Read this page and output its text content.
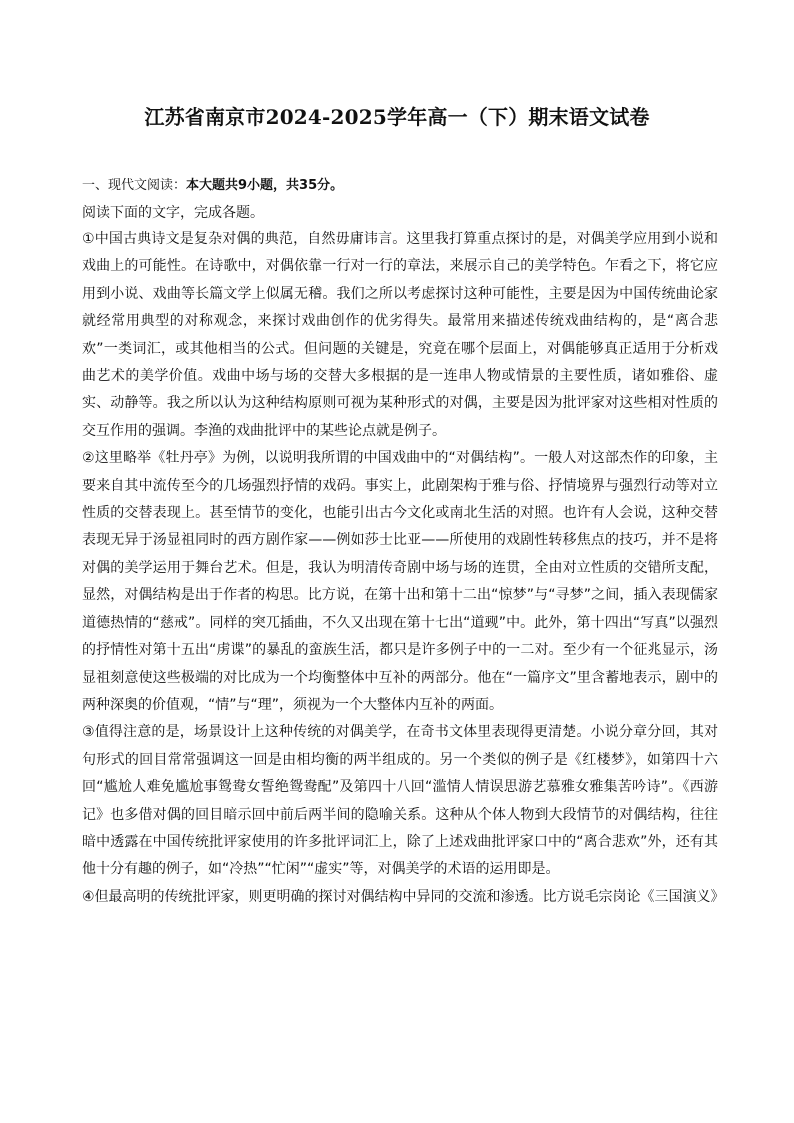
江苏省南京市2024-2025学年高一（下）期末语文试卷

一、现代文阅读：本大题共9小题，共35分。

阅读下面的文字，完成各题。

①中国古典诗文是复杂对偶的典范，自然毋庸讳言。这里我打算重点探讨的是，对偶美学应用到小说和戏曲上的可能性。在诗歌中，对偶依靠一行对一行的章法，来展示自己的美学特色。乍看之下，将它应用到小说、戏曲等长篇文学上似属无稽。我们之所以考虑探讨这种可能性，主要是因为中国传统曲论家就经常用典型的对称观念，来探讨戏曲创作的优劣得失。最常用来描述传统戏曲结构的，是“离合悲欢”一类词汇，或其他相当的公式。但问题的关键是，究竟在哪个层面上，对偶能够真正适用于分析戏曲艺术的美学价值。戏曲中场与场的交替大多根据的是一连串人物或情景的主要性质，诸如雅俗、虚实、动静等。我之所以认为这种结构原则可视为某种形式的对偶，主要是因为批评家对这些相对性质的交互作用的强调。李渔的戏曲批评中的某些论点就是例子。

②这里略举《牡丹亭》为例，以说明我所谓的中国戏曲中的“对偶结构”。一般人对这部杰作的印象，主要来自其中流传至今的几场强烈抒情的戏码。事实上，此剧架构于雅与俗、抒情境界与强烈行动等对立性质的交替表现上。甚至情节的变化，也能引出古今文化或南北生活的对照。也许有人会说，这种交替表现无异于汤显祖同时的西方剧作家——例如莎士比亚——所使用的戏剧性转移焦点的技巧，并不是将对偶的美学运用于舞台艺术。但是，我认为明清传奇剧中场与场的连贯，全由对立性质的交错所支配，显然，对偶结构是出于作者的构思。比方说，在第十出和第十二出“惊梦”与“寻梦”之间，插入表现儒家道德热情的“慈戒”。同样的突兀插曲，不久又出现在第十七出“道觋”中。此外，第十四出“写真”以强烈的抒情性对第十五出“虏谍”的暴乱的蛮族生活，都只是许多例子中的一二对。至少有一个征兆显示，汤显祖刻意使这些极端的对比成为一个均衡整体中互补的两部分。他在“一篇序文”里含蓄地表示，剧中的两种深奥的价值观，“情”与“理”，须视为一个大整体内互补的两面。

③值得注意的是，场景设计上这种传统的对偶美学，在奇书文体里表现得更清楚。小说分章分回，其对句形式的回目常常强调这一回是由相均衡的两半组成的。另一个类似的例子是《红楼梦》，如第四十六回“尴尬人难免尴尬事鸳鸯女誓绝鸳鸯配”及第四十八回“滥情人情误思游艺慕雅女雅集苦吟诗”。《西游记》也多借对偶的回目暗示回中前后两半间的隐喻关系。这种从个体人物到大段情节的对偶结构，往往暗中透露在中国传统批评家使用的许多批评词汇上，除了上述戏曲批评家口中的“离合悲欢”外，还有其他十分有趣的例子，如“冷热”“忙闲”“虚实”等，对偶美学的术语的运用即是。

④但最高明的传统批评家，则更明确的探讨对偶结构中异同的交流和渗透。比方说毛宗岗论《三国演义》
